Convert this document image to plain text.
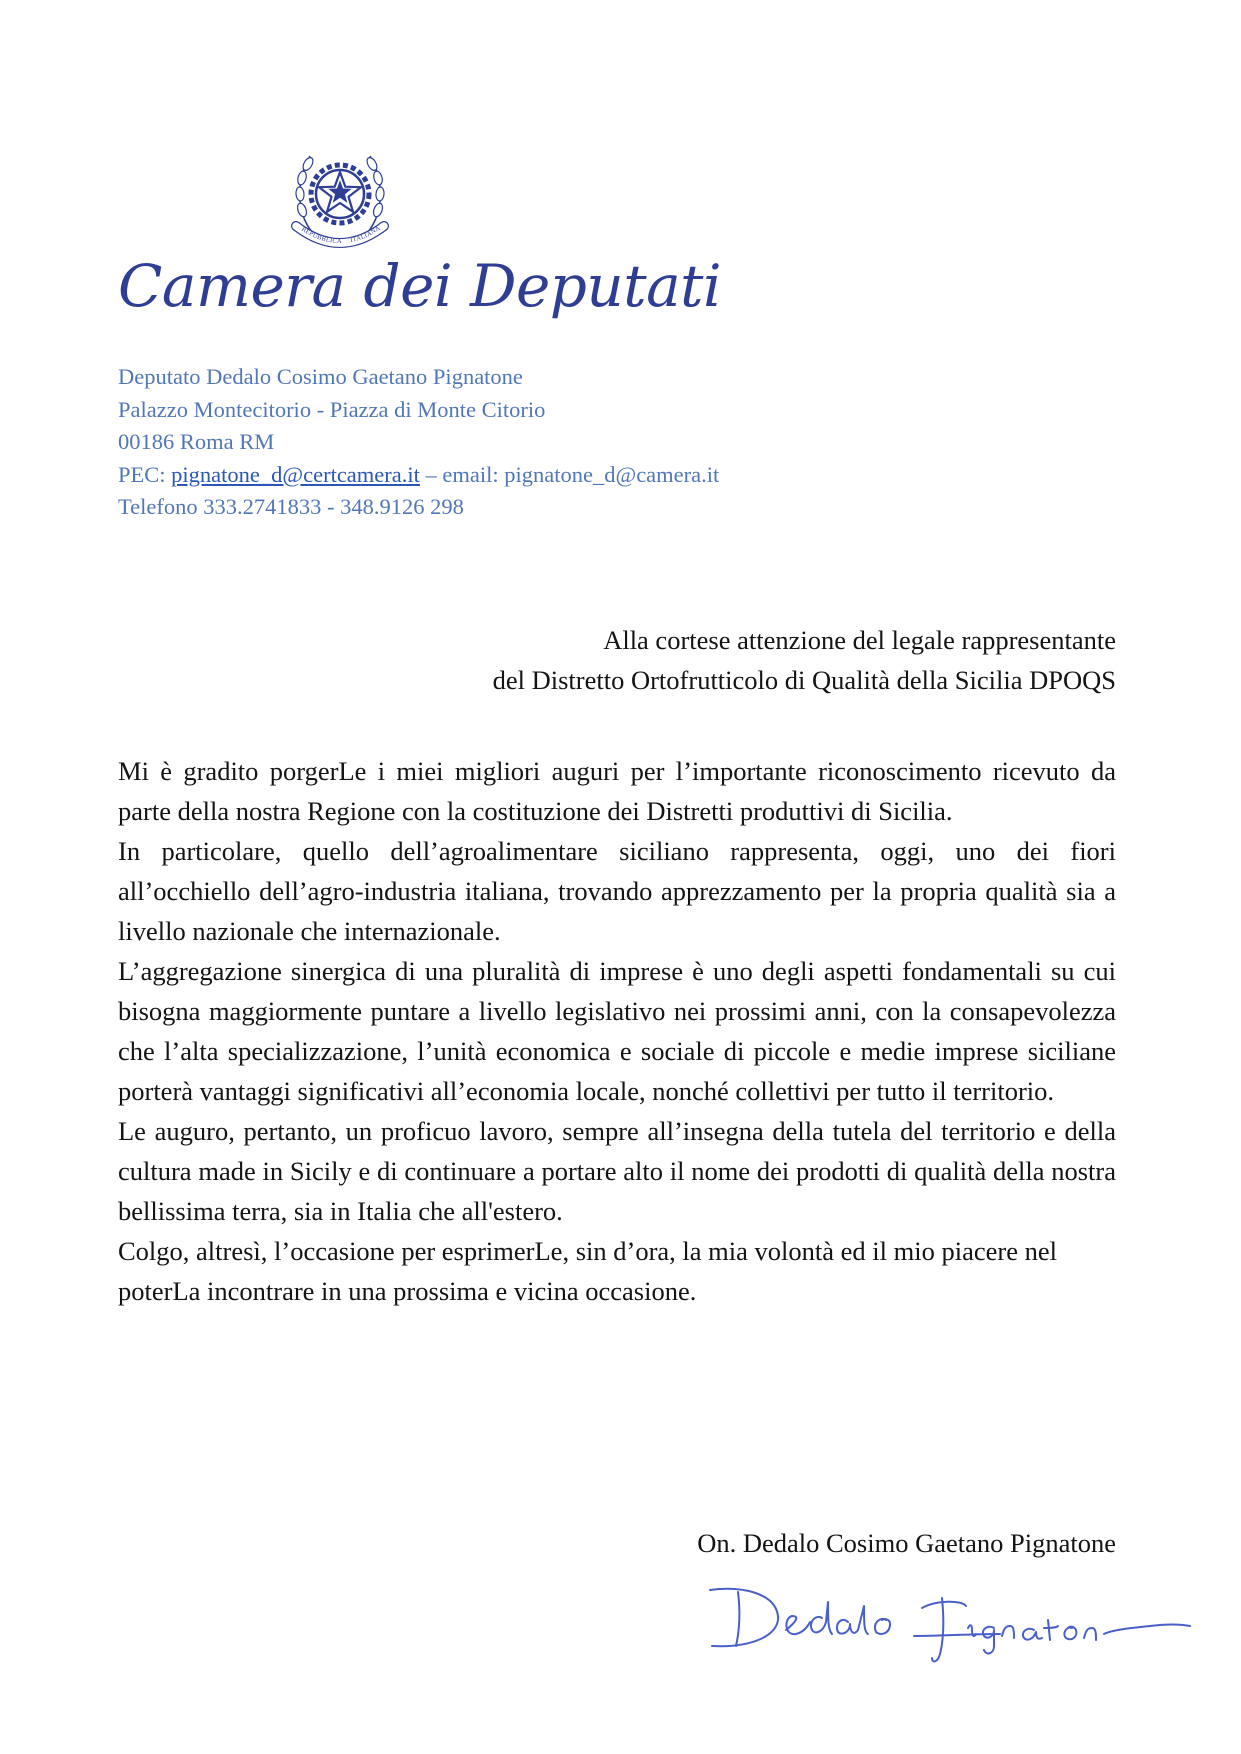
REPUBBLICA ITALIANA
Camera dei Deputati
Deputato Dedalo Cosimo Gaetano Pignatone
Palazzo Montecitorio - Piazza di Monte Citorio
00186 Roma RM
PEC: pignatone_d@certcamera.it – email: pignatone_d@camera.it
Telefono 333.2741833 - 348.9126 298
Alla cortese attenzione del legale rappresentante
del Distretto Ortofrutticolo di Qualità della Sicilia DPOQS

Mi è gradito porgerLe i miei migliori auguri per l’importante riconoscimento ricevuto da parte della nostra Regione con la costituzione dei Distretti produttivi di Sicilia.

In particolare, quello dell’agroalimentare siciliano rappresenta, oggi, uno dei fiori all’occhiello dell’agro-industria italiana, trovando apprezzamento per la propria qualità sia a livello nazionale che internazionale.

L’aggregazione sinergica di una pluralità di imprese è uno degli aspetti fondamentali su cui bisogna maggiormente puntare a livello legislativo nei prossimi anni, con la consapevolezza che l’alta specializzazione, l’unità economica e sociale di piccole e medie imprese siciliane porterà vantaggi significativi all’economia locale, nonché collettivi per tutto il territorio.

Le auguro, pertanto, un proficuo lavoro, sempre all’insegna della tutela del territorio e della cultura made in Sicily e di continuare a portare alto il nome dei prodotti di qualità della nostra bellissima terra, sia in Italia che all'estero.

Colgo, altresì, l’occasione per esprimerLe, sin d’ora, la mia volontà ed il mio piacere nel poterLa incontrare in una prossima e vicina occasione.

On. Dedalo Cosimo Gaetano Pignatone
